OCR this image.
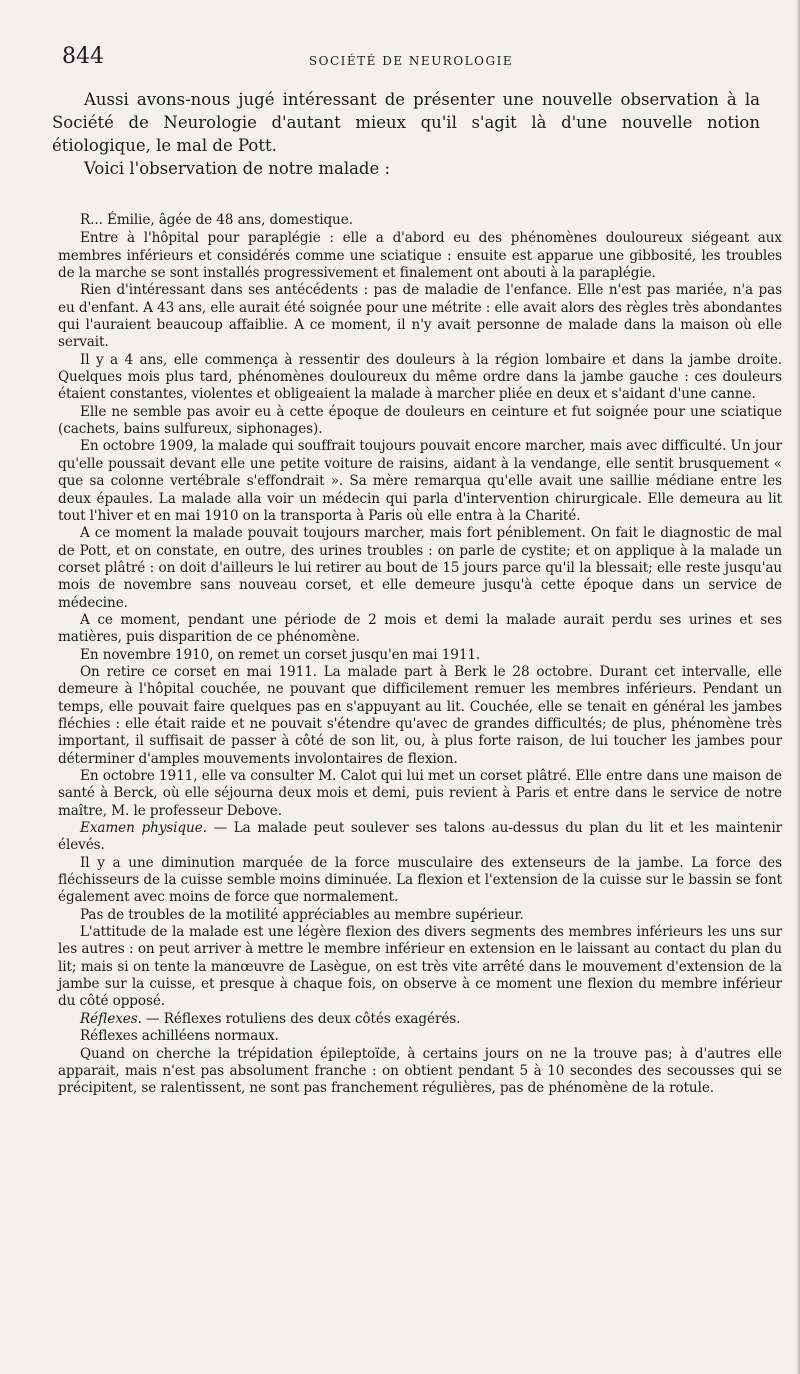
844	SOCIÉTÉ DE NEUROLOGIE

Aussi avons-nous jugé intéressant de présenter une nouvelle observation à la Société de Neurologie d'autant mieux qu'il s'agit là d'une nouvelle notion étiologique, le mal de Pott.

Voici l'observation de notre malade :

R... Émilie, âgée de 48 ans, domestique.

Entre à l'hôpital pour paraplégie : elle a d'abord eu des phénomènes douloureux siégeant aux membres inférieurs et considérés comme une sciatique : ensuite est apparue une gibbosité, les troubles de la marche se sont installés progressivement et finalement ont abouti à la paraplégie.

Rien d'intéressant dans ses antécédents : pas de maladie de l'enfance. Elle n'est pas mariée, n'a pas eu d'enfant. A 43 ans, elle aurait été soignée pour une métrite : elle avait alors des règles très abondantes qui l'auraient beaucoup affaiblie. A ce moment, il n'y avait personne de malade dans la maison où elle servait.

Il y a 4 ans, elle commença à ressentir des douleurs à la région lombaire et dans la jambe droite. Quelques mois plus tard, phénomènes douloureux du même ordre dans la jambe gauche : ces douleurs étaient constantes, violentes et obligeaient la malade à marcher pliée en deux et s'aidant d'une canne.

Elle ne semble pas avoir eu à cette époque de douleurs en ceinture et fut soignée pour une sciatique (cachets, bains sulfureux, siphonages).

En octobre 1909, la malade qui souffrait toujours pouvait encore marcher, mais avec difficulté. Un jour qu'elle poussait devant elle une petite voiture de raisins, aidant à la vendange, elle sentit brusquement « que sa colonne vertébrale s'effondrait ». Sa mère remarqua qu'elle avait une saillie médiane entre les deux épaules. La malade alla voir un médecin qui parla d'intervention chirurgicale. Elle demeura au lit tout l'hiver et en mai 1910 on la transporta à Paris où elle entra à la Charité.

A ce moment la malade pouvait toujours marcher, mais fort péniblement. On fait le diagnostic de mal de Pott, et on constate, en outre, des urines troubles : on parle de cystite; et on applique à la malade un corset plâtré : on doit d'ailleurs le lui retirer au bout de 15 jours parce qu'il la blessait; elle reste jusqu'au mois de novembre sans nouveau corset, et elle demeure jusqu'à cette époque dans un service de médecine.

A ce moment, pendant une période de 2 mois et demi la malade aurait perdu ses urines et ses matières, puis disparition de ce phénomène.

En novembre 1910, on remet un corset jusqu'en mai 1911.

On retire ce corset en mai 1911. La malade part à Berk le 28 octobre. Durant cet intervalle, elle demeure à l'hôpital couchée, ne pouvant que difficilement remuer les membres inférieurs. Pendant un temps, elle pouvait faire quelques pas en s'appuyant au lit. Couchée, elle se tenait en général les jambes fléchies : elle était raide et ne pouvait s'étendre qu'avec de grandes difficultés; de plus, phénomène très important, il suffisait de passer à côté de son lit, ou, à plus forte raison, de lui toucher les jambes pour déterminer d'amples mouvements involontaires de flexion.

En octobre 1911, elle va consulter M. Calot qui lui met un corset plâtré. Elle entre dans une maison de santé à Berck, où elle séjourna deux mois et demi, puis revient à Paris et entre dans le service de notre maître, M. le professeur Debove.

Examen physique. — La malade peut soulever ses talons au-dessus du plan du lit et les maintenir élevés.

Il y a une diminution marquée de la force musculaire des extenseurs de la jambe. La force des fléchisseurs de la cuisse semble moins diminuée. La flexion et l'extension de la cuisse sur le bassin se font également avec moins de force que normalement.

Pas de troubles de la motilité appréciables au membre supérieur.

L'attitude de la malade est une légère flexion des divers segments des membres inférieurs les uns sur les autres : on peut arriver à mettre le membre inférieur en extension en le laissant au contact du plan du lit; mais si on tente la manœuvre de Lasègue, on est très vite arrêté dans le mouvement d'extension de la jambe sur la cuisse, et presque à chaque fois, on observe à ce moment une flexion du membre inférieur du côté opposé.

Réflexes. — Réflexes rotuliens des deux côtés exagérés.

Réflexes achilléens normaux.

Quand on cherche la trépidation épileptoïde, à certains jours on ne la trouve pas; à d'autres elle apparait, mais n'est pas absolument franche : on obtient pendant 5 à 10 secondes des secousses qui se précipitent, se ralentissent, ne sont pas franchement régulières, pas de phénomène de la rotule.
